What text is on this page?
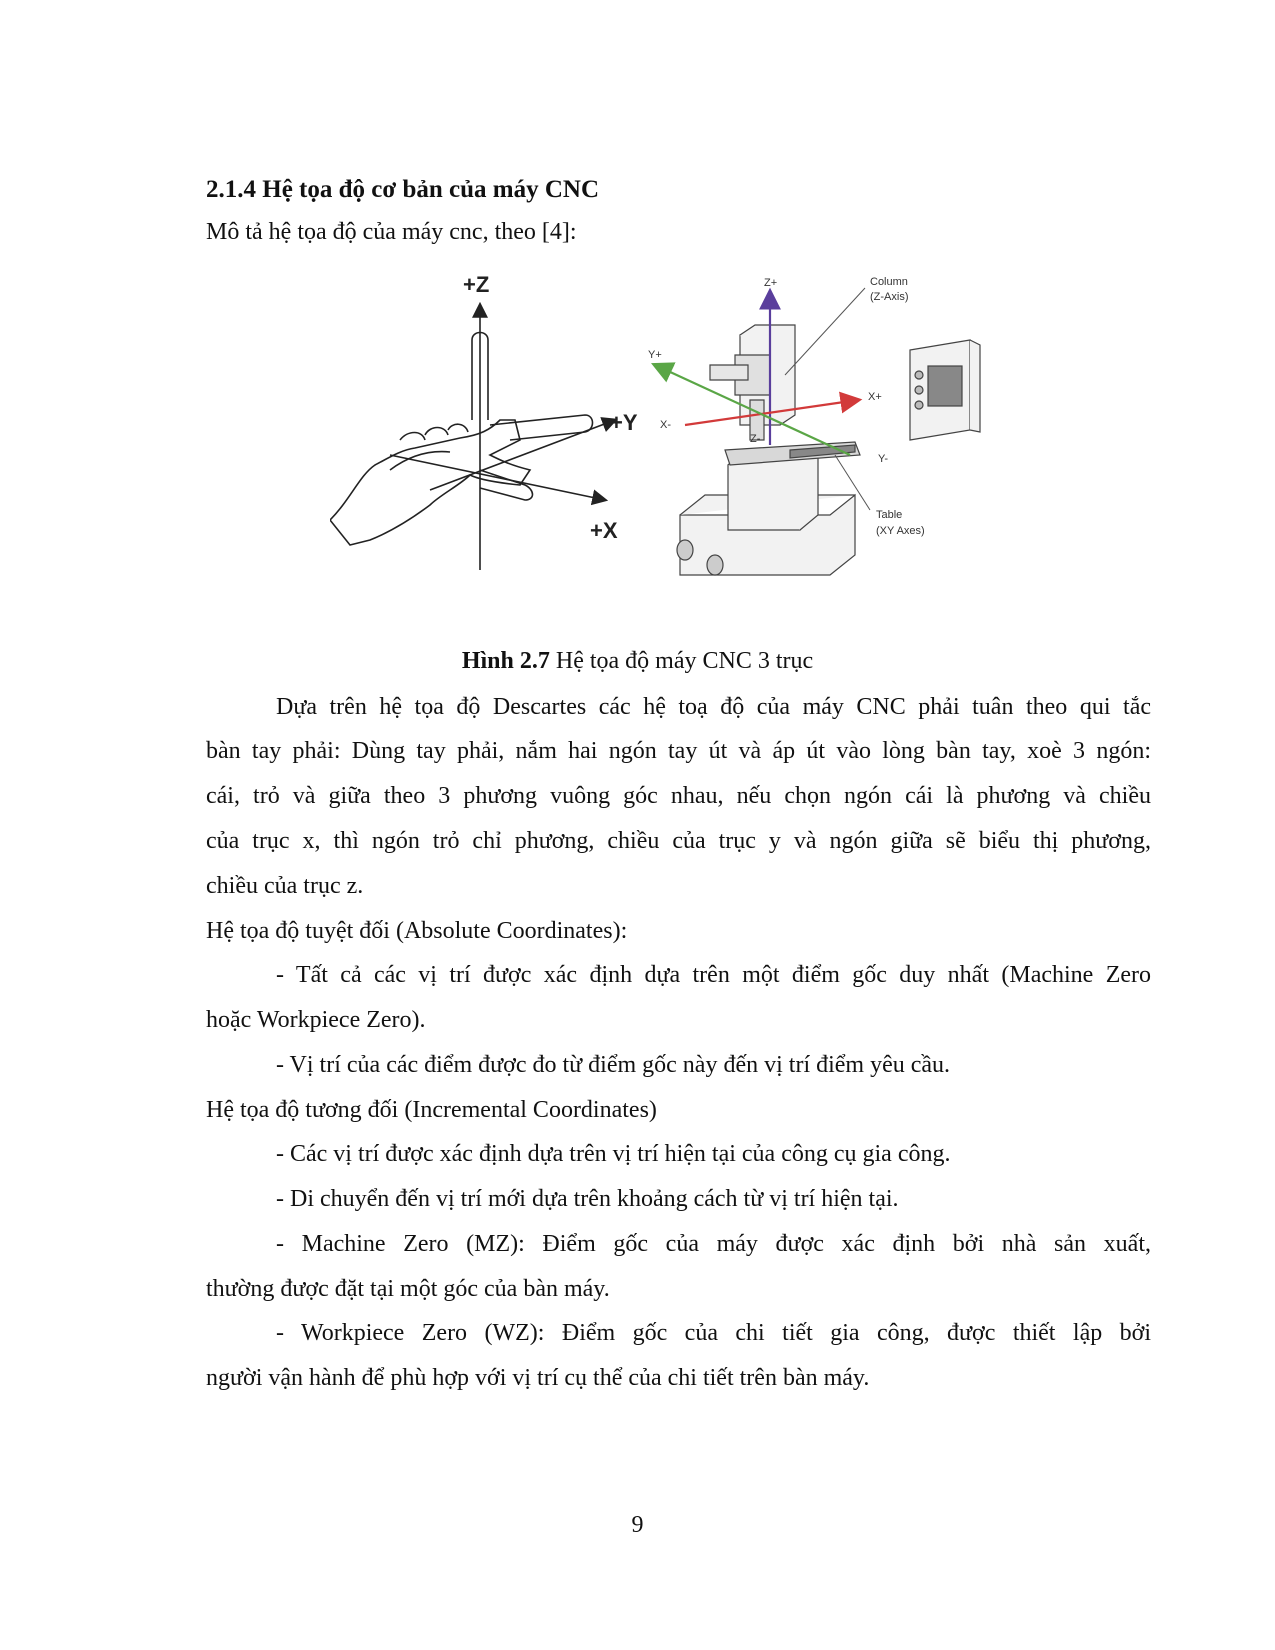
2.1.4 Hệ tọa độ cơ bản của máy CNC
Mô tả hệ tọa độ của máy cnc, theo [4]:
+Z
+Y
+X
Z+
Z-
Y+
Y-
X+
X-
Column
(Z-Axis)
Table
(XY Axes)
Hình 2.7 Hệ tọa độ máy CNC 3 trục
Dựa trên hệ tọa độ Descartes các hệ toạ độ của máy CNC phải tuân theo qui tắc
bàn tay phải: Dùng tay phải, nắm hai ngón tay út và áp út vào lòng bàn tay, xoè 3 ngón:
cái, trỏ và giữa theo 3 phương vuông góc nhau, nếu chọn ngón cái là phương và chiều
của trục x, thì ngón trỏ chỉ phương, chiều của trục y và ngón giữa sẽ biểu thị phương,
chiều của trục z.
Hệ tọa độ tuyệt đối (Absolute Coordinates):
- Tất cả các vị trí được xác định dựa trên một điểm gốc duy nhất (Machine Zero
hoặc Workpiece Zero).
- Vị trí của các điểm được đo từ điểm gốc này đến vị trí điểm yêu cầu.
Hệ tọa độ tương đối (Incremental Coordinates)
- Các vị trí được xác định dựa trên vị trí hiện tại của công cụ gia công.
- Di chuyển đến vị trí mới dựa trên khoảng cách từ vị trí hiện tại.
- Machine Zero (MZ): Điểm gốc của máy được xác định bởi nhà sản xuất,
thường được đặt tại một góc của bàn máy.
- Workpiece Zero (WZ): Điểm gốc của chi tiết gia công, được thiết lập bởi
người vận hành để phù hợp với vị trí cụ thể của chi tiết trên bàn máy.
9
